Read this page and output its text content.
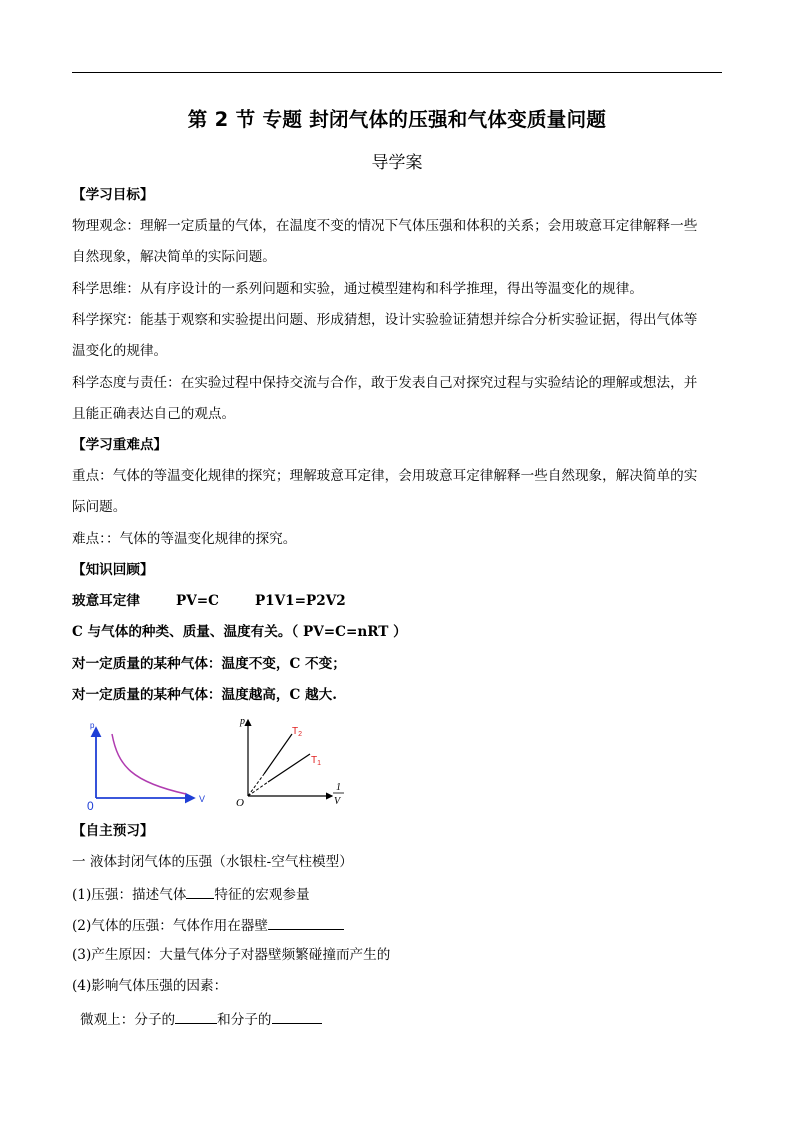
第 2 节 专题 封闭气体的压强和气体变质量问题
导学案
【学习目标】
物理观念：理解一定质量的气体，在温度不变的情况下气体压强和体积的关系；会用玻意耳定律解释一些
自然现象，解决简单的实际问题。
科学思维：从有序设计的一系列问题和实验，通过模型建构和科学推理，得出等温变化的规律。
科学探究：能基于观察和实验提出问题、形成猜想，设计实验验证猜想并综合分析实验证据，得出气体等
温变化的规律。
科学态度与责任：在实验过程中保持交流与合作，敢于发表自己对探究过程与实验结论的理解或想法，并
且能正确表达自己的观点。
【学习重难点】
重点：气体的等温变化规律的探究；理解玻意耳定律，会用玻意耳定律解释一些自然现象，解决简单的实
际问题。
难点：：气体的等温变化规律的探究。
【知识回顾】
玻意耳定律	PV=C	P1V1=P2V2
C 与气体的种类、质量、温度有关。（ PV=C=nRT ）
对一定质量的某种气体：温度不变，C 不变；
对一定质量的某种气体：温度越高，C 越大.
p
V
0
p
O
$T_2$
$T_1$
1
V
【自主预习】
一 液体封闭气体的压强（水银柱-空气柱模型）
(1)压强：描述气体 特征的宏观参量
(2)气体的压强：气体作用在器壁
(3)产生原因：大量气体分子对器壁频繁碰撞而产生的
(4)影响气体压强的因素：
微观上：分子的	和分子的
